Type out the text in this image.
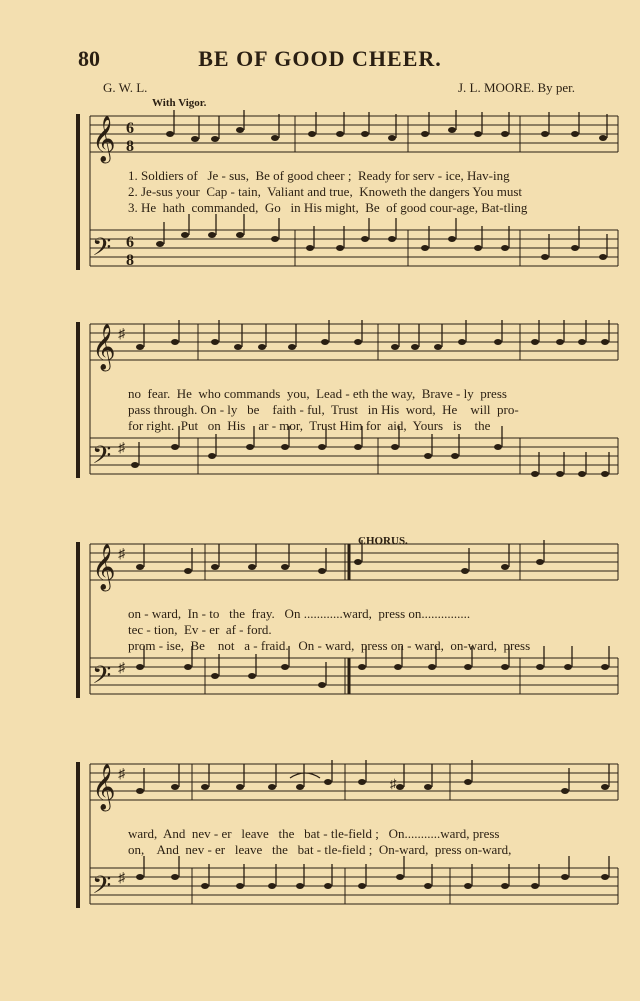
80	BE OF GOOD CHEER.
G. W. L.	J. L. MOORE. By per.
With Vigor.
CHORUS.
𝄞
𝄢
6
8
6
8
1. Soldiers of   Je - sus,  Be of good cheer ;  Ready for serv - ice, Hav-ing
2. Je-sus your  Cap - tain,  Valiant and true,  Knoweth the dangers You must
3. He  hath  commanded,  Go   in His might,  Be  of good cour-age, Bat-tling
𝄞
𝄢
♯
♯
no  fear.  He  who commands  you,  Lead - eth the way,  Brave - ly  press
pass through. On - ly   be    faith - ful,  Trust   in His  word,  He    will  pro-
for right.  Put   on  His    ar - mor,  Trust Him for  aid,  Yours   is    the
𝄞
𝄢
♯
♯
on - ward,  In - to   the  fray.   On ............ward,  press on...............
tec - tion,  Ev - er  af - ford.
prom - ise,  Be    not   a - fraid.   On - ward,  press on - ward,  on-ward,  press
𝄞
𝄢
♯
♯
♯
ward,  And  nev - er   leave   the   bat - tle-field ;   On...........ward, press
on,    And  nev - er   leave   the   bat - tle-field ;  On-ward,  press on-ward,
